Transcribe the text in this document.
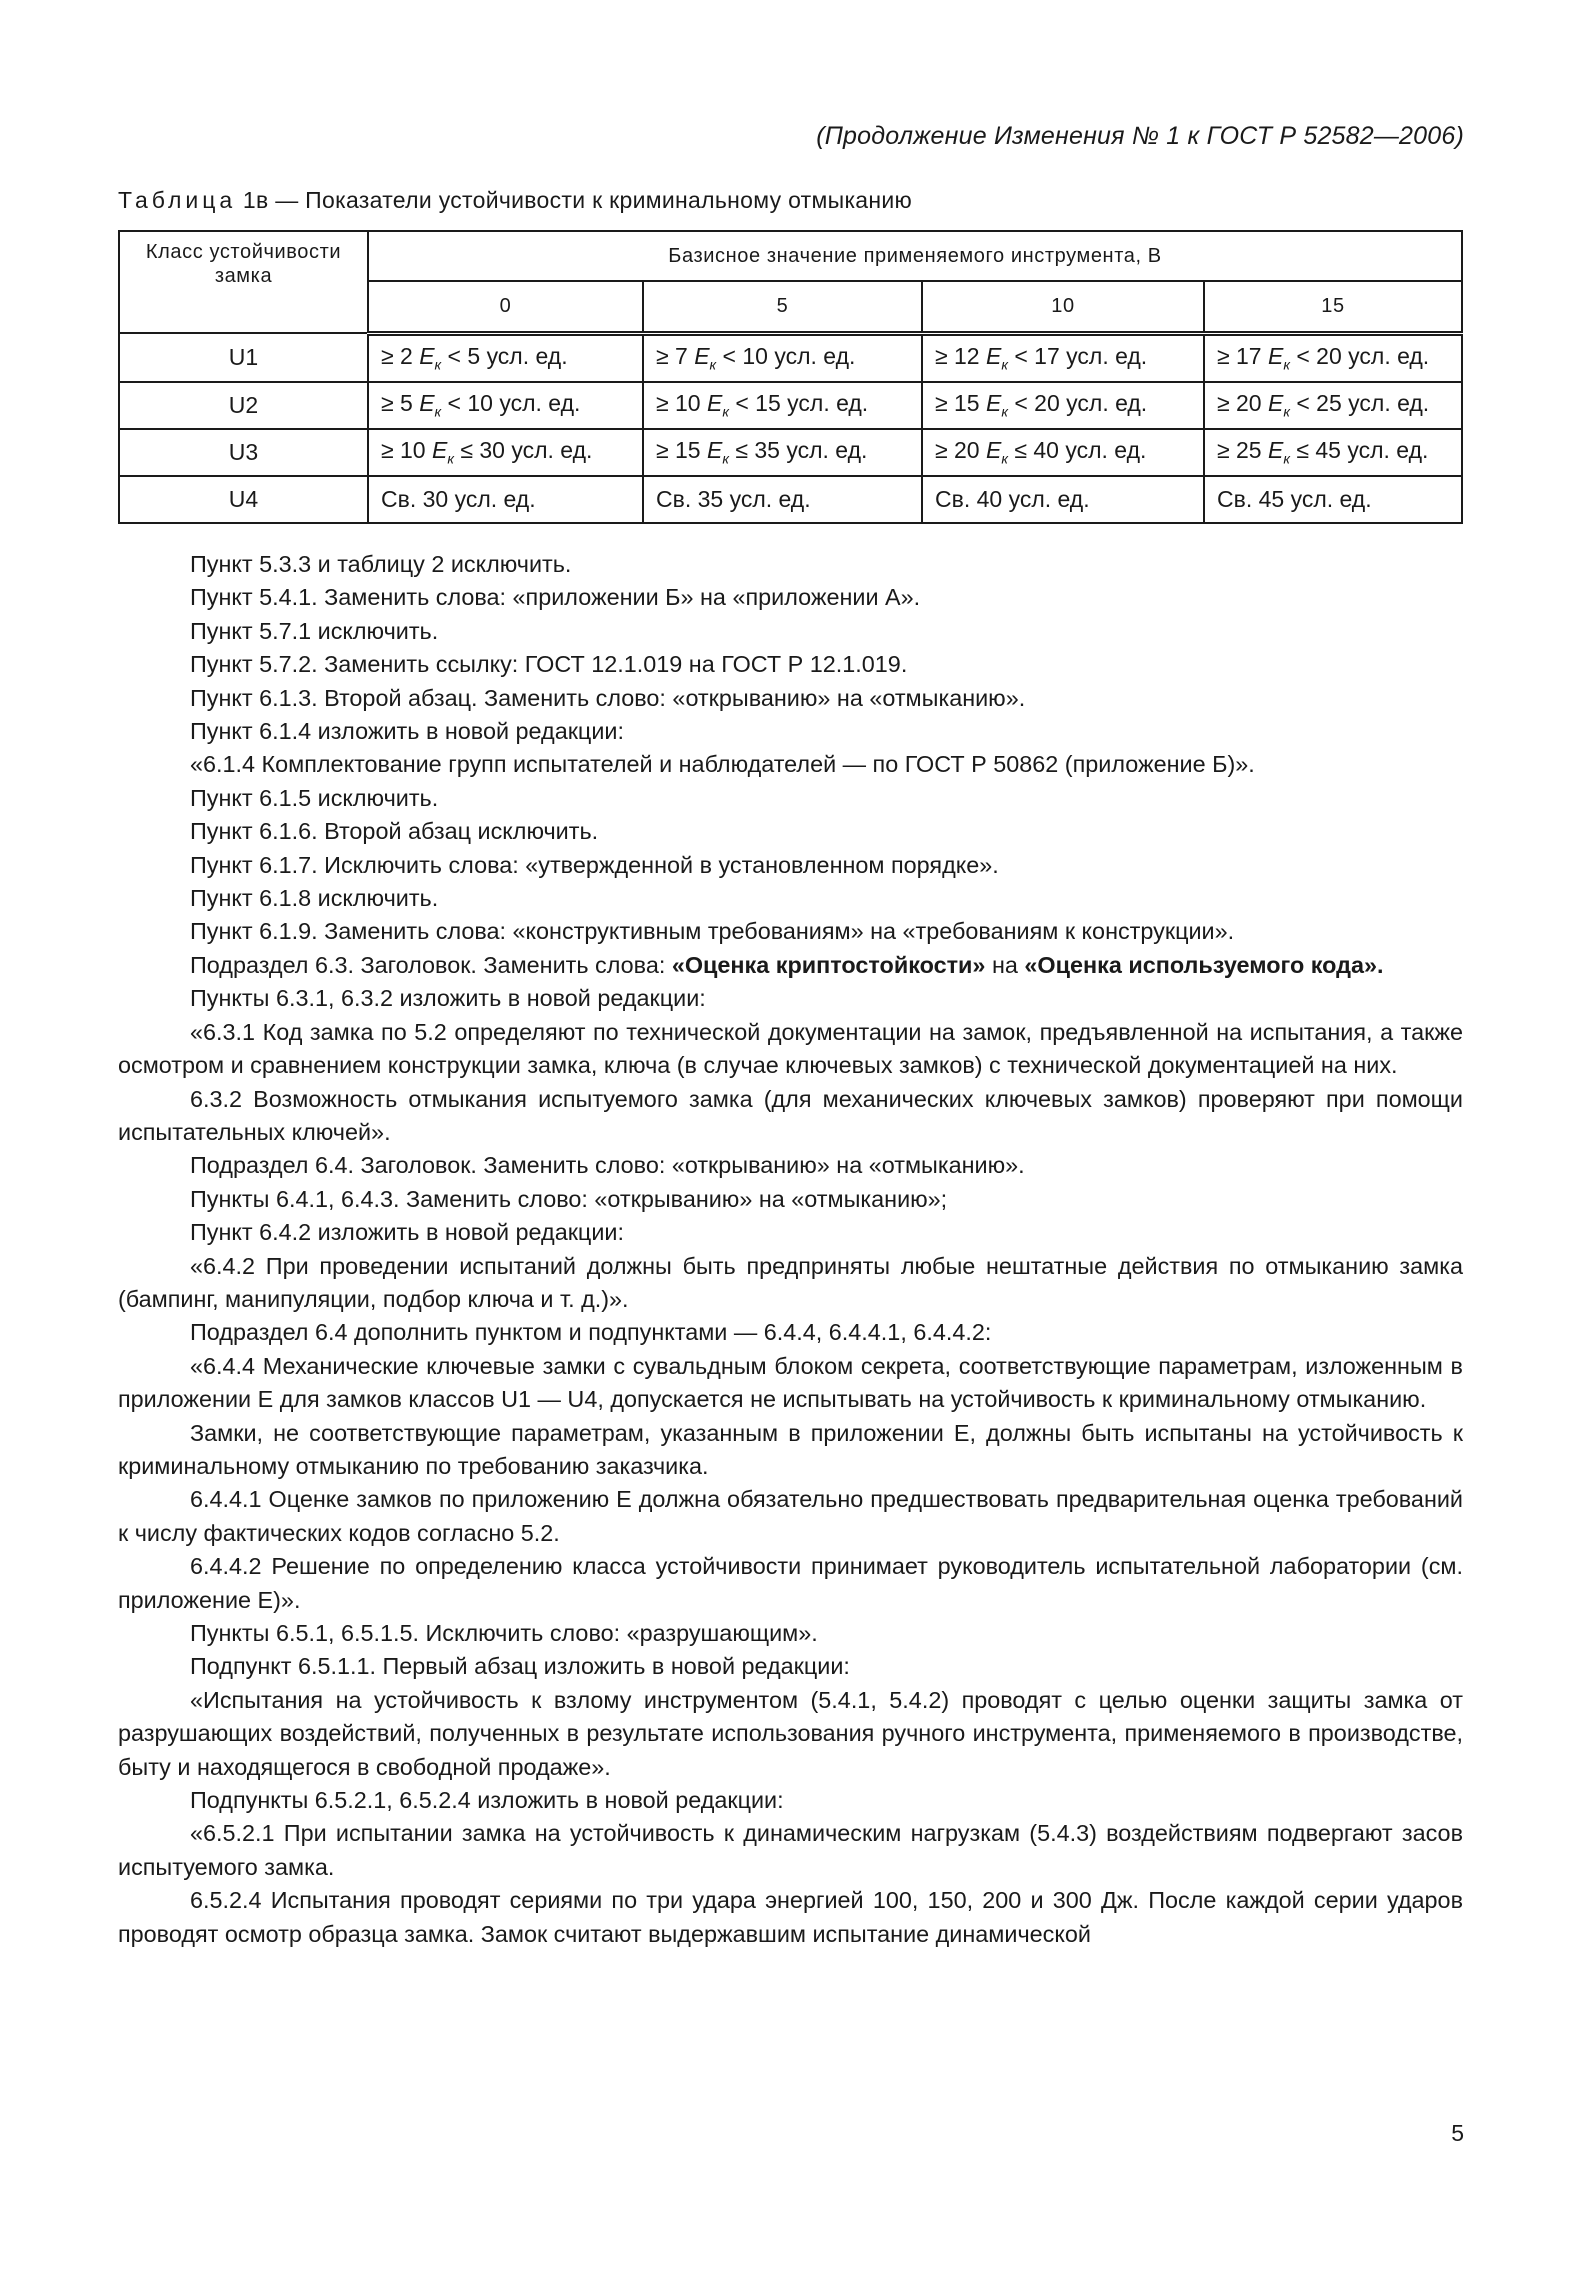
(Продолжение Изменения № 1 к ГОСТ Р 52582—2006)
Таблица 1в — Показатели устойчивости к криминальному отмыканию
Класс устойчивости замка	Базисное значение применяемого инструмента, B			
	0	5	10	15
U1	≥ 2 $E_к < 5$ усл. ед.	≥ 7 $E_к < 10$ усл. ед.	≥ 12 $E_к < 17$ усл. ед.	≥ 17 $E_к < 20$ усл. ед.
U2	≥ 5 $E_к < 10$ усл. ед.	≥ 10 $E_к < 15$ усл. ед.	≥ 15 $E_к < 20$ усл. ед.	≥ 20 $E_к < 25$ усл. ед.
U3	≥ 10 $E_к \le 30$ усл. ед.	≥ 15 $E_к \le 35$ усл. ед.	≥ 20 $E_к \le 40$ усл. ед.	≥ 25 $E_к \le 45$ усл. ед.
U4	Св. 30 усл. ед.	Св. 35 усл. ед.	Св. 40 усл. ед.	Св. 45 усл. ед.

Пункт 5.3.3 и таблицу 2 исключить.

Пункт 5.4.1. Заменить слова: «приложении Б» на «приложении А».

Пункт 5.7.1 исключить.

Пункт 5.7.2. Заменить ссылку: ГОСТ 12.1.019 на ГОСТ Р 12.1.019.

Пункт 6.1.3. Второй абзац. Заменить слово: «открыванию» на «отмыканию».

Пункт 6.1.4 изложить в новой редакции:

«6.1.4 Комплектование групп испытателей и наблюдателей — по ГОСТ Р 50862 (приложение Б)».

Пункт 6.1.5 исключить.

Пункт 6.1.6. Второй абзац исключить.

Пункт 6.1.7. Исключить слова: «утвержденной в установленном порядке».

Пункт 6.1.8 исключить.

Пункт 6.1.9. Заменить слова: «конструктивным требованиям» на «требованиям к конструкции».

Подраздел 6.3. Заголовок. Заменить слова: «Оценка криптостойкости» на «Оценка используемого кода».

Пункты 6.3.1, 6.3.2 изложить в новой редакции:

«6.3.1 Код замка по 5.2 определяют по технической документации на замок, предъявленной на испытания, а также осмотром и сравнением конструкции замка, ключа (в случае ключевых замков) с технической документацией на них.

6.3.2 Возможность отмыкания испытуемого замка (для механических ключевых замков) проверяют при помощи испытательных ключей».

Подраздел 6.4. Заголовок. Заменить слово: «открыванию» на «отмыканию».

Пункты 6.4.1, 6.4.3. Заменить слово: «открыванию» на «отмыканию»;

Пункт 6.4.2 изложить в новой редакции:

«6.4.2 При проведении испытаний должны быть предприняты любые нештатные действия по отмыканию замка (бампинг, манипуляции, подбор ключа и т. д.)».

Подраздел 6.4 дополнить пунктом и подпунктами — 6.4.4, 6.4.4.1, 6.4.4.2:

«6.4.4 Механические ключевые замки с сувальдным блоком секрета, соответствующие параметрам, изложенным в приложении Е для замков классов U1 — U4, допускается не испытывать на устойчивость к криминальному отмыканию.

Замки, не соответствующие параметрам, указанным в приложении Е, должны быть испытаны на устойчивость к криминальному отмыканию по требованию заказчика.

6.4.4.1 Оценке замков по приложению Е должна обязательно предшествовать предварительная оценка требований к числу фактических кодов согласно 5.2.

6.4.4.2 Решение по определению класса устойчивости принимает руководитель испытательной лаборатории (см. приложение Е)».

Пункты 6.5.1, 6.5.1.5. Исключить слово: «разрушающим».

Подпункт 6.5.1.1. Первый абзац изложить в новой редакции:

«Испытания на устойчивость к взлому инструментом (5.4.1, 5.4.2) проводят с целью оценки защиты замка от разрушающих воздействий, полученных в результате использования ручного инструмента, применяемого в производстве, быту и находящегося в свободной продаже».

Подпункты 6.5.2.1, 6.5.2.4 изложить в новой редакции:

«6.5.2.1 При испытании замка на устойчивость к динамическим нагрузкам (5.4.3) воздействиям подвергают засов испытуемого замка.

6.5.2.4 Испытания проводят сериями по три удара энергией 100, 150, 200 и 300 Дж. После каждой серии ударов проводят осмотр образца замка. Замок считают выдержавшим испытание динамической

5
